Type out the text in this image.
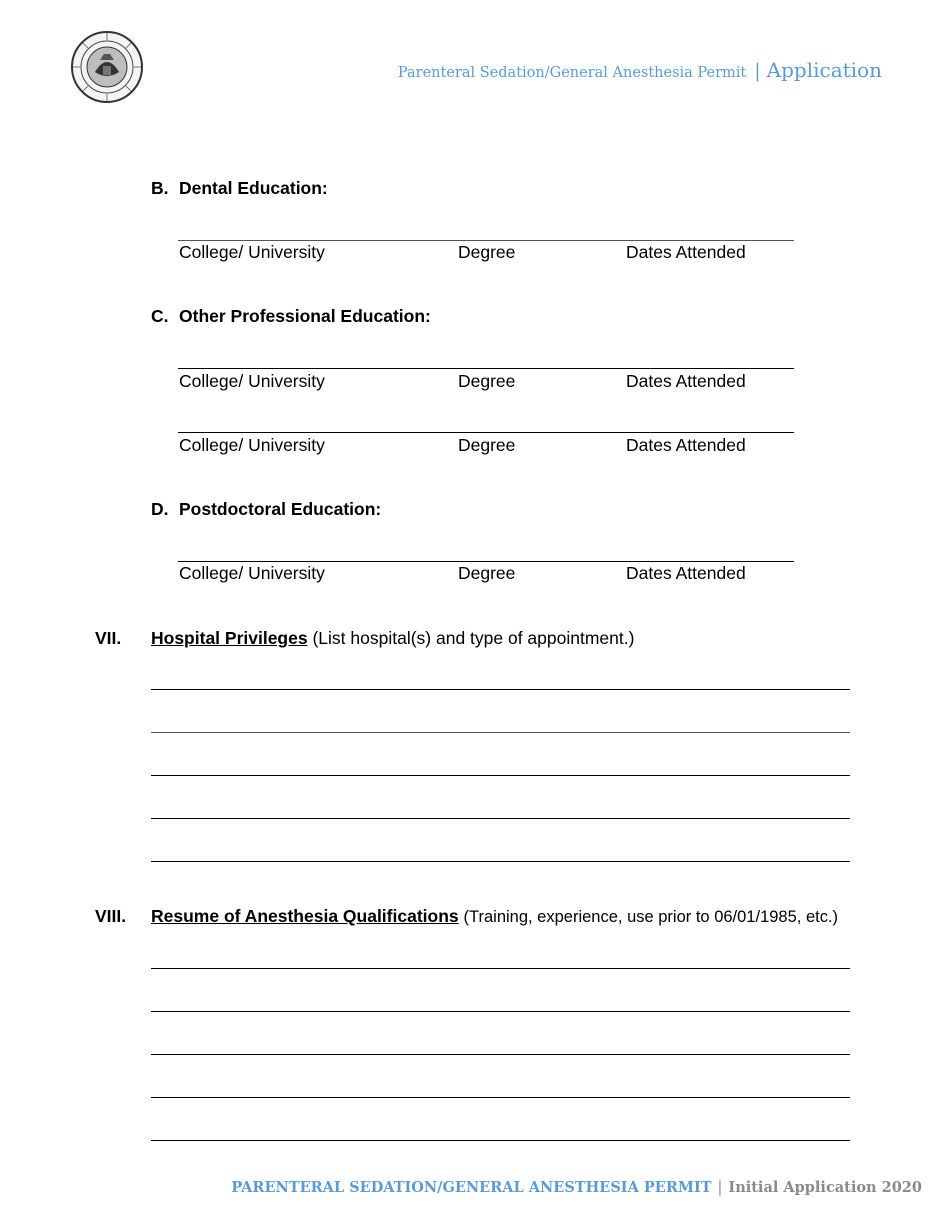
Parenteral Sedation/General Anesthesia Permit | Application
B. Dental Education:
College/ University	Degree	Dates Attended
C. Other Professional Education:
College/ University	Degree	Dates Attended
College/ University	Degree	Dates Attended
D. Postdoctoral Education:
College/ University	Degree	Dates Attended
VII. Hospital Privileges (List hospital(s) and type of appointment.)
VIII. Resume of Anesthesia Qualifications (Training, experience, use prior to 06/01/1985, etc.)
PARENTERAL SEDATION/GENERAL ANESTHESIA PERMIT | Initial Application 2020
